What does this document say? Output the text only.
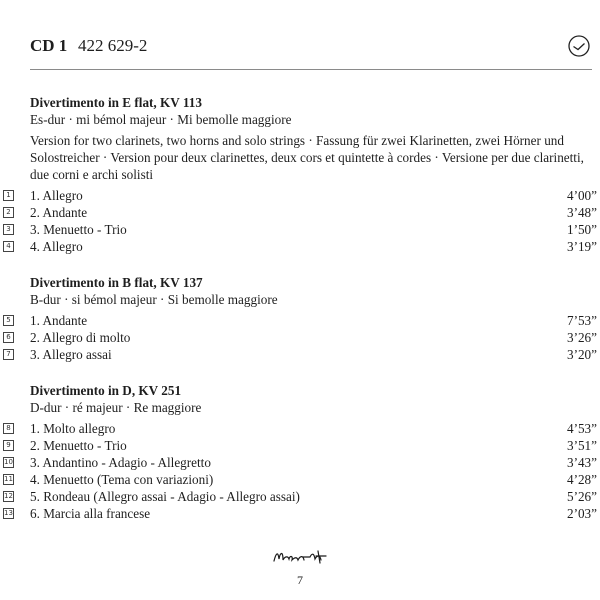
CD 1 422 629-2
Divertimento in E flat, KV 113
Es-dur · mi bémol majeur · Mi bemolle maggiore
Version for two clarinets, two horns and solo strings · Fassung für zwei Klarinetten, zwei Hörner und Solostreicher · Version pour deux clarinettes, deux cors et quintette à cordes · Versione per due clarinetti, due corni e archi solisti
1 1. Allegro	4’00”
2 2. Andante	3’48”
3 3. Menuetto - Trio	1’50”
4 4. Allegro	3’19”
Divertimento in B flat, KV 137
B-dur · si bémol majeur · Si bemolle maggiore
5 1. Andante	7’53”
6 2. Allegro di molto	3’26”
7 3. Allegro assai	3’20”
Divertimento in D, KV 251
D-dur · ré majeur · Re maggiore
8 1. Molto allegro	4’53”
9 2. Menuetto - Trio	3’51”
10 3. Andantino - Adagio - Allegretto	3’43”
11 4. Menuetto (Tema con variazioni)	4’28”
12 5. Rondeau (Allegro assai - Adagio - Allegro assai)	5’26”
13 6. Marcia alla francese	2’03”
7
